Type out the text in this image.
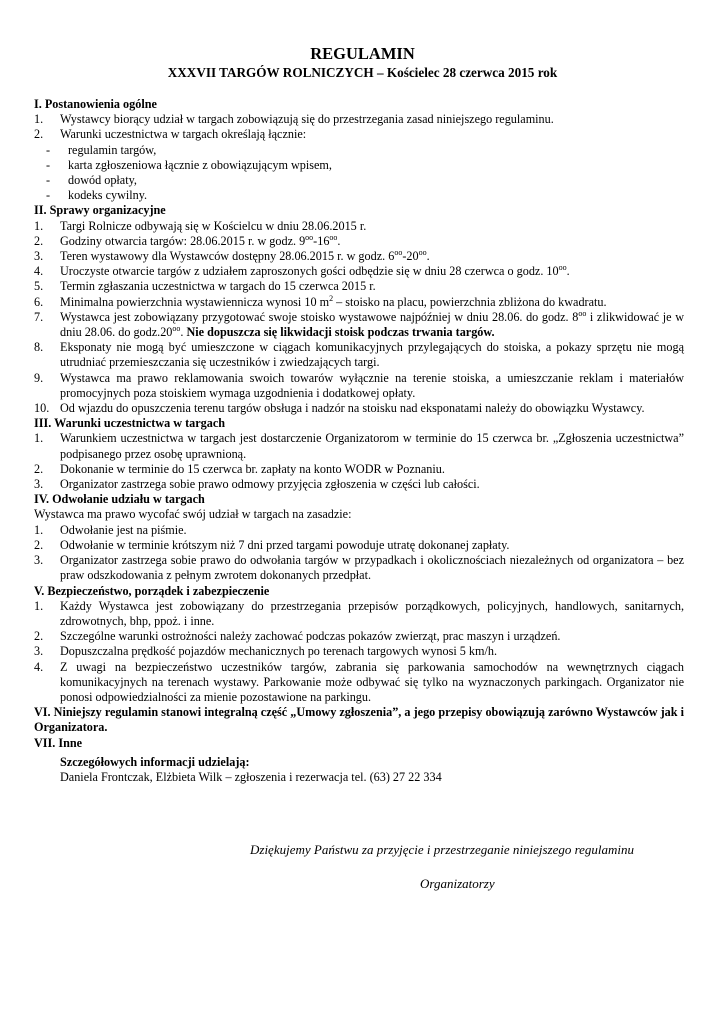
REGULAMIN
XXXVII TARGÓW ROLNICZYCH – Kościelec 28 czerwca 2015 rok
I. Postanowienia ogólne
1.	Wystawcy biorący udział w targach zobowiązują się do przestrzegania zasad niniejszego regulaminu.
2.	Warunki uczestnictwa w targach określają łącznie:
-	regulamin targów,
-	karta zgłoszeniowa łącznie z obowiązującym wpisem,
-	dowód opłaty,
-	kodeks cywilny.
II. Sprawy organizacyjne
1.	Targi Rolnicze odbywają się w Kościelcu w dniu 28.06.2015 r.
2.	Godziny otwarcia targów: 28.06.2015 r. w godz. $9^{oo}-16^{oo}$.
3.	Teren wystawowy dla Wystawców dostępny 28.06.2015 r. w godz. $6^{oo}-20^{oo}$.
4.	Uroczyste otwarcie targów z udziałem zaproszonych gości odbędzie się w dniu 28 czerwca o godz. $10^{oo}$.
5.	Termin zgłaszania uczestnictwa w targach do 15 czerwca 2015 r.
6.	Minimalna powierzchnia wystawiennicza wynosi 10 $m^2$ – stoisko na placu, powierzchnia zbliżona do kwadratu.
7.	Wystawca jest zobowiązany przygotować swoje stoisko wystawowe najpóźniej w dniu 28.06. do godz. $8^{oo}$ i zlikwidować je w dniu 28.06. do $godz.20^{oo}$. Nie dopuszcza się likwidacji stoisk podczas trwania targów.
8.	Eksponaty nie mogą być umieszczone w ciągach komunikacyjnych przylegających do stoiska, a pokazy sprzętu nie mogą utrudniać przemieszczania się uczestników i zwiedzających targi.
9.	Wystawca ma prawo reklamowania swoich towarów wyłącznie na terenie stoiska, a umieszczanie reklam i materiałów promocyjnych poza stoiskiem wymaga uzgodnienia i dodatkowej opłaty.
10. Od wjazdu do opuszczenia terenu targów obsługa i nadzór na stoisku nad eksponatami należy do obowiązku Wystawcy.
III. Warunki uczestnictwa w targach
1.	Warunkiem uczestnictwa w targach jest dostarczenie Organizatorom w terminie do 15 czerwca br. „Zgłoszenia uczestnictwa” podpisanego przez osobę uprawnioną.
2.	Dokonanie w terminie do 15 czerwca br. zapłaty na konto WODR w Poznaniu.
3.	Organizator zastrzega sobie prawo odmowy przyjęcia zgłoszenia w części lub całości.
IV. Odwołanie udziału w targach
Wystawca ma prawo wycofać swój udział w targach na zasadzie:
1.	Odwołanie jest na piśmie.
2.	Odwołanie w terminie krótszym niż 7 dni przed targami powoduje utratę dokonanej zapłaty.
3.	Organizator zastrzega sobie prawo do odwołania targów w przypadkach i okolicznościach niezależnych od organizatora – bez praw odszkodowania z pełnym zwrotem dokonanych przedpłat.
V. Bezpieczeństwo, porządek i zabezpieczenie
1.	Każdy Wystawca jest zobowiązany do przestrzegania przepisów porządkowych, policyjnych, handlowych, sanitarnych, zdrowotnych, bhp, ppoż. i inne.
2.	Szczególne warunki ostrożności należy zachować podczas pokazów zwierząt, prac maszyn i urządzeń.
3.	Dopuszczalna prędkość pojazdów mechanicznych po terenach targowych wynosi 5 km/h.
4.	Z uwagi na bezpieczeństwo uczestników targów, zabrania się parkowania samochodów na wewnętrznych ciągach komunikacyjnych na terenach wystawy. Parkowanie może odbywać się tylko na wyznaczonych parkingach. Organizator nie ponosi odpowiedzialności za mienie pozostawione na parkingu.
VI. Niniejszy regulamin stanowi integralną część „Umowy zgłoszenia”, a jego przepisy obowiązują zarówno Wystawców jak i Organizatora.
VII. Inne
Szczegółowych informacji udzielają:
Daniela Frontczak, Elżbieta Wilk – zgłoszenia i rezerwacja tel. (63) 27 22 334
Dziękujemy Państwu za przyjęcie i przestrzeganie niniejszego regulaminu
Organizatorzy
